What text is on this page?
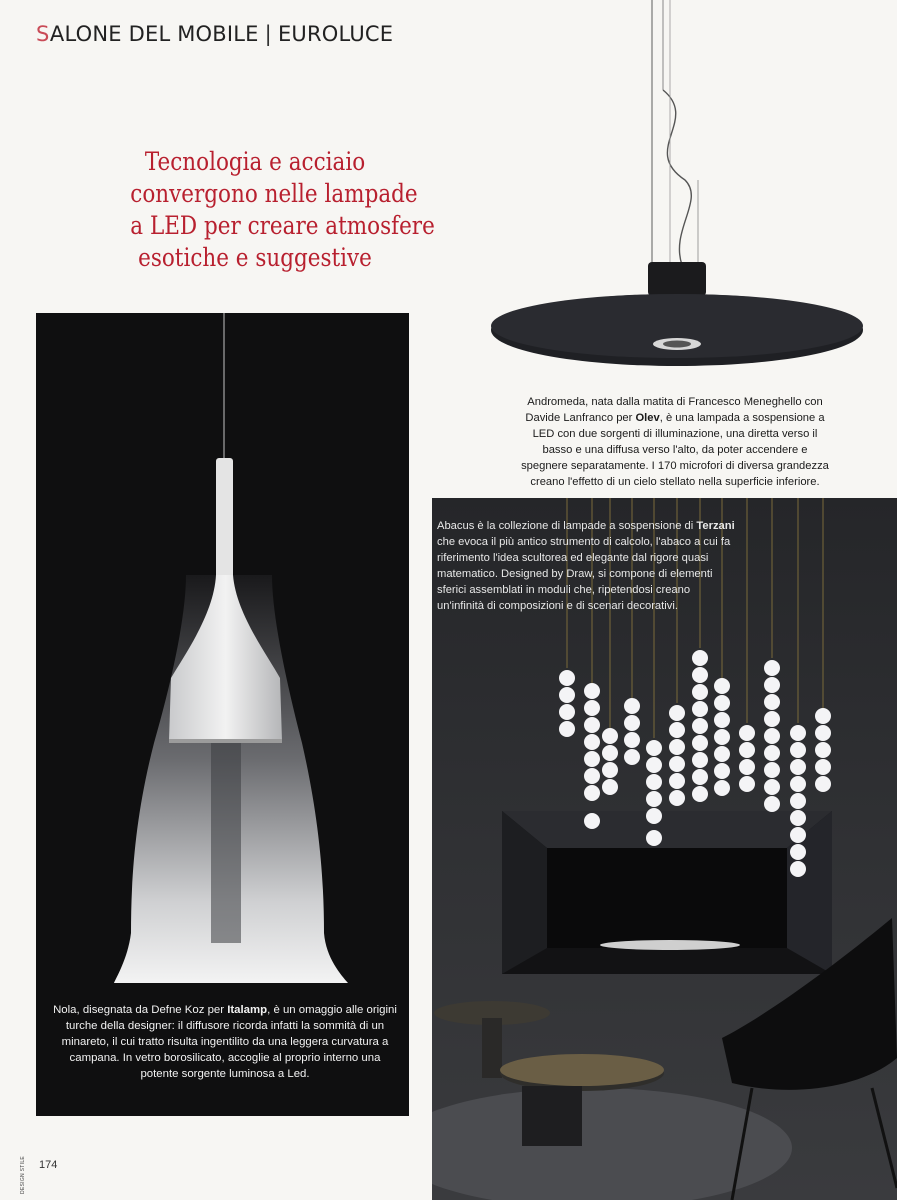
SALONE DEL MOBILE | EUROLUCE
Tecnologia e acciaio
convergono nelle lampade
a LED per creare atmosfere
esotiche e suggestive
Andromeda, nata dalla matita di Francesco Meneghello con Davide Lanfranco per Olev, è una lampada a sospensione a LED con due sorgenti di illuminazione, una diretta verso il basso e una diffusa verso l'alto, da poter accendere e spegnere separatamente. I 170 microfori di diversa grandezza creano l'effetto di un cielo stellato nella superficie inferiore.
Nola, disegnata da Defne Koz per Italamp, è un omaggio alle origini turche della designer: il diffusore ricorda infatti la sommità di un minareto, il cui tratto risulta ingentilito da una leggera curvatura a campana. In vetro borosilicato, accoglie al proprio interno una potente sorgente luminosa a Led.
Abacus è la collezione di lampade a sospensione di Terzani che evoca il più antico strumento di calcolo, l'abaco a cui fa riferimento l'idea scultorea ed elegante dal rigore quasi matematico. Designed by Draw, si compone di elementi sferici assemblati in moduli che, ripetendosi creano un'infinità di composizioni e di scenari decorativi.
DESIGN STILE 174
